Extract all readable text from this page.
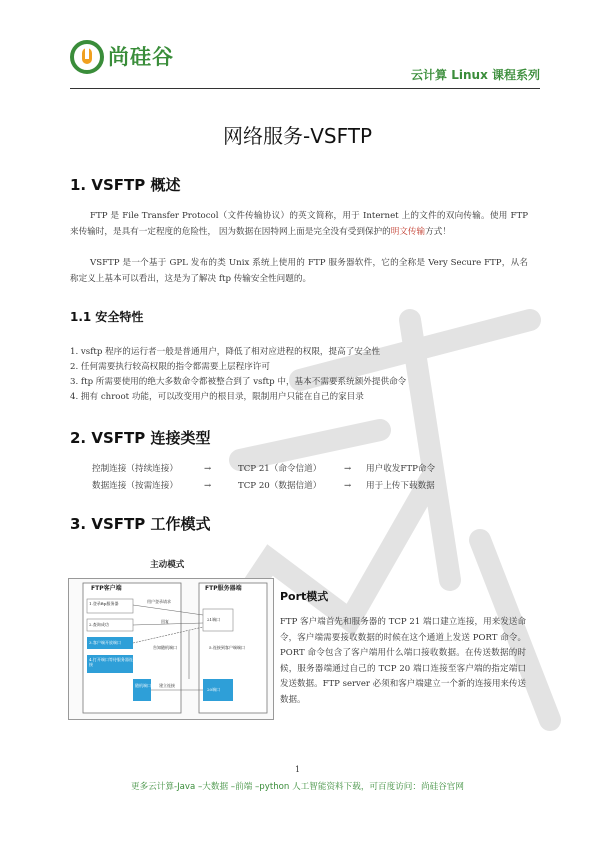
尚硅谷
云计算 Linux 课程系列
网络服务-VSFTP
1. VSFTP 概述
FTP 是 File Transfer Protocol（文件传输协议）的英文简称，用于 Internet 上的文件的双向传输。使用 FTP 来传输时，是具有一定程度的危险性， 因为数据在因特网上面是完全没有受到保护的明文传输方式！
VSFTP 是一个基于 GPL 发布的类 Unix 系统上使用的 FTP 服务器软件，它的全称是 Very Secure FTP，从名称定义上基本可以看出，这是为了解决 ftp 传输安全性问题的。
1.1 安全特性
1. vsftp 程序的运行者一般是普通用户，降低了相对应进程的权限，提高了安全性
2. 任何需要执行较高权限的指令都需要上层程序许可
3. ftp 所需要使用的绝大多数命令都被整合到了 vsftp 中，基本不需要系统额外提供命令
4. 拥有 chroot 功能，可以改变用户的根目录，限制用户只能在自己的家目录
2. VSFTP 连接类型
控制连接（持续连接）	→	TCP 21（命令信道）	→ 用户收发FTP命令
数据连接（按需连接）	→	TCP 20（数据信道）	→ 用于上传下载数据
3. VSFTP 工作模式
主动模式
FTP客户端	FTP服务器端
1.登录ftp服务器
2.查询成功
3.客户端开放端口
4.打开端口等待服务器连接
随机端口
21端口
5.连接到客户端端口
20端口
用户登录请求
回复
告知随机端口
建立连接
Port模式
FTP 客户端首先和服务器的 TCP 21 端口建立连接，用来发送命令，客户端需要接收数据的时候在这个通道上发送 PORT 命令。PORT 命令包含了客户端用什么端口接收数据。在传送数据的时候，服务器端通过自己的 TCP 20 端口连接至客户端的指定端口发送数据。FTP server 必须和客户端建立一个新的连接用来传送数据。
1
更多云计算-Java –大数据 –前端 –python 人工智能资料下载，可百度访问：尚硅谷官网
